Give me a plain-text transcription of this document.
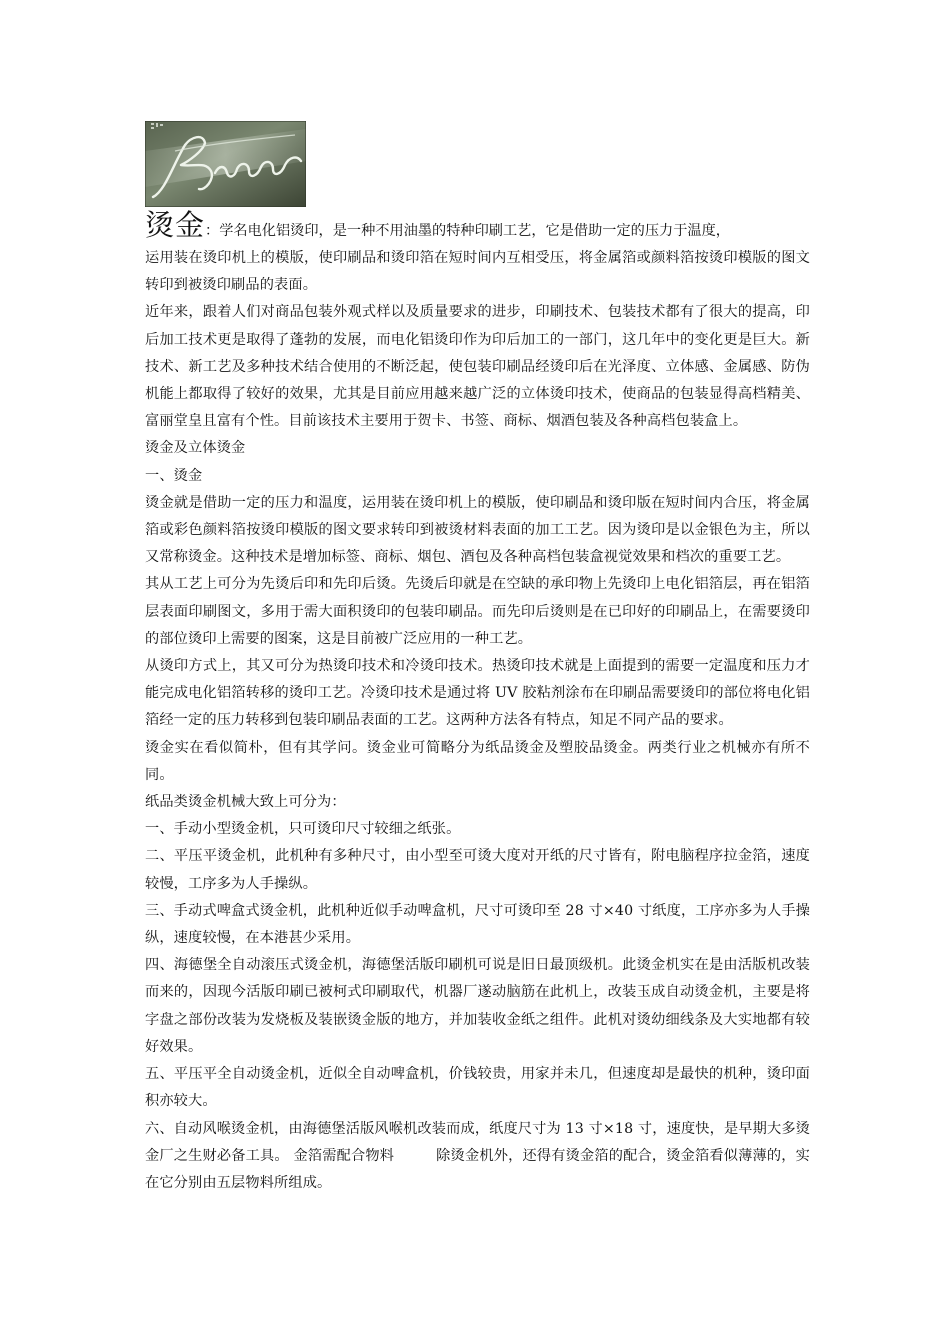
烫金：学名电化铝烫印，是一种不用油墨的特种印刷工艺，它是借助一定的压力于温度，

运用装在烫印机上的模版，使印刷品和烫印箔在短时间内互相受压，将金属箔或颜料箔按烫印模版的图文转印到被烫印刷品的表面。

近年来，跟着人们对商品包装外观式样以及质量要求的进步，印刷技术、包装技术都有了很大的提高，印后加工技术更是取得了蓬勃的发展，而电化铝烫印作为印后加工的一部门，这几年中的变化更是巨大。新技术、新工艺及多种技术结合使用的不断泛起，使包装印刷品经烫印后在光泽度、立体感、金属感、防伪机能上都取得了较好的效果，尤其是目前应用越来越广泛的立体烫印技术，使商品的包装显得高档精美、富丽堂皇且富有个性。目前该技术主要用于贺卡、书签、商标、烟酒包装及各种高档包装盒上。

烫金及立体烫金

一、烫金

烫金就是借助一定的压力和温度，运用装在烫印机上的模版，使印刷品和烫印版在短时间内合压，将金属箔或彩色颜料箔按烫印模版的图文要求转印到被烫材料表面的加工工艺。因为烫印是以金银色为主，所以又常称烫金。这种技术是增加标签、商标、烟包、酒包及各种高档包装盒视觉效果和档次的重要工艺。

其从工艺上可分为先烫后印和先印后烫。先烫后印就是在空缺的承印物上先烫印上电化铝箔层，再在铝箔层表面印刷图文，多用于需大面积烫印的包装印刷品。而先印后烫则是在已印好的印刷品上，在需要烫印的部位烫印上需要的图案，这是目前被广泛应用的一种工艺。

从烫印方式上，其又可分为热烫印技术和冷烫印技术。热烫印技术就是上面提到的需要一定温度和压力才能完成电化铝箔转移的烫印工艺。冷烫印技术是通过将 UV 胶粘剂涂布在印刷品需要烫印的部位将电化铝箔经一定的压力转移到包装印刷品表面的工艺。这两种方法各有特点，知足不同产品的要求。

烫金实在看似简朴，但有其学问。烫金业可简略分为纸品烫金及塑胶品烫金。两类行业之机械亦有所不同。

纸品类烫金机械大致上可分为：

一、手动小型烫金机，只可烫印尺寸较细之纸张。

二、平压平烫金机，此机种有多种尺寸，由小型至可烫大度对开纸的尺寸皆有，附电脑程序拉金箔，速度较慢，工序多为人手操纵。

三、手动式啤盒式烫金机，此机种近似手动啤盒机，尺寸可烫印至 28 寸×40 寸纸度，工序亦多为人手操纵，速度较慢，在本港甚少采用。

四、海德堡全自动滚压式烫金机，海德堡活版印刷机可说是旧日最顶级机。此烫金机实在是由活版机改装而来的，因现今活版印刷已被柯式印刷取代，机器厂遂动脑筋在此机上，改装玉成自动烫金机，主要是将字盘之部份改装为发烧板及装嵌烫金版的地方，并加装收金纸之组件。此机对烫幼细线条及大实地都有较好效果。

五、平压平全自动烫金机，近似全自动啤盒机，价钱较贵，用家并未几，但速度却是最快的机种，烫印面积亦较大。

六、自动风喉烫金机，由海德堡活版风喉机改装而成，纸度尺寸为 13 寸×18 寸，速度快，是早期大多烫金厂之生财必备工具。 金箔需配合物料	除烫金机外，还得有烫金箔的配合，烫金箔看似薄薄的，实在它分别由五层物料所组成。
